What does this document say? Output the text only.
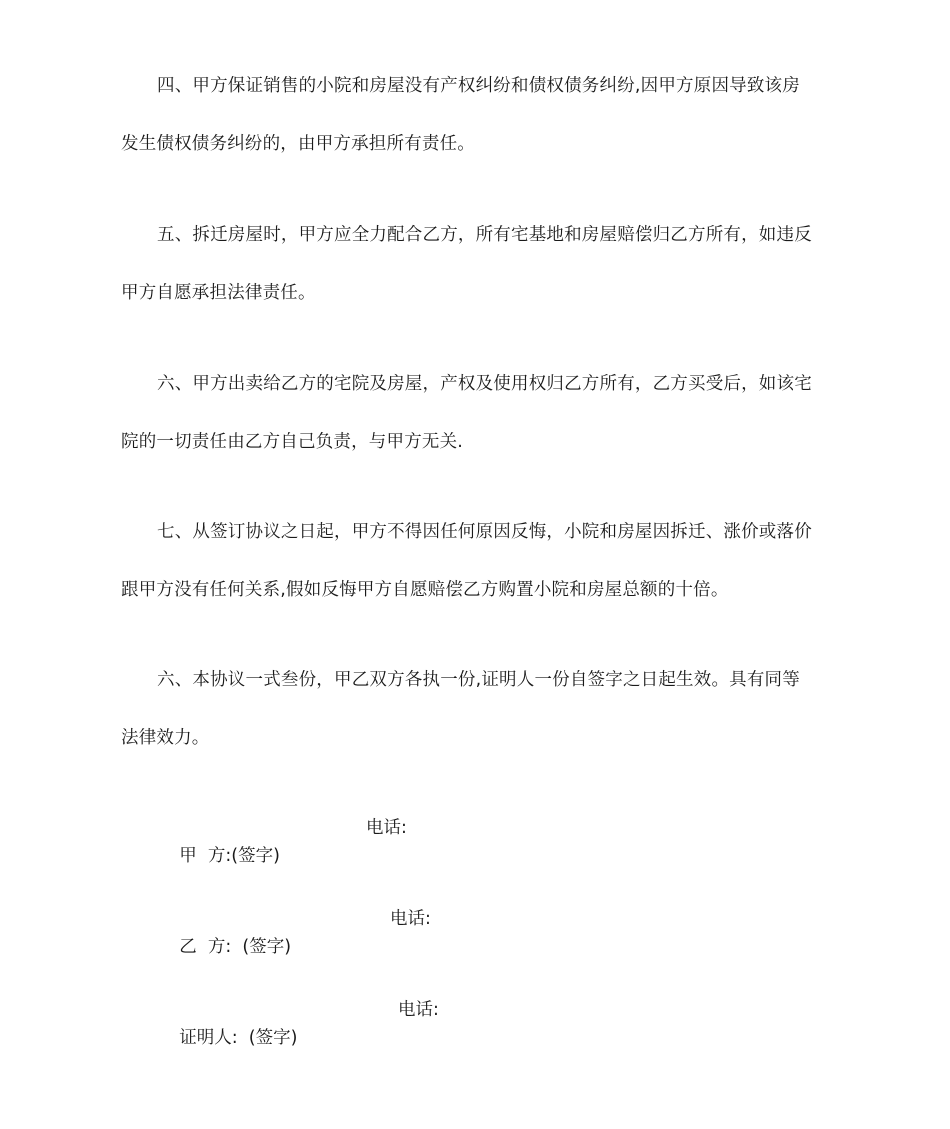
四、甲方保证销售的小院和房屋没有产权纠纷和债权债务纠纷,因甲方原因导致该房
发生债权债务纠纷的，由甲方承担所有责任。

五、拆迁房屋时，甲方应全力配合乙方，所有宅基地和房屋赔偿归乙方所有，如违反
甲方自愿承担法律责任。

六、甲方出卖给乙方的宅院及房屋，产权及使用权归乙方所有，乙方买受后，如该宅
院的一切责任由乙方自己负责，与甲方无关.

七、从签订协议之日起，甲方不得因任何原因反悔，小院和房屋因拆迁、涨价或落价
跟甲方没有任何关系,假如反悔甲方自愿赔偿乙方购置小院和房屋总额的十倍。

六、本协议一式叁份，甲乙双方各执一份,证明人一份自签字之日起生效。具有同等
法律效力。

甲  方:(签字)

电话:

乙  方:  (签字)

电话:

证明人:  (签字)

电话:
